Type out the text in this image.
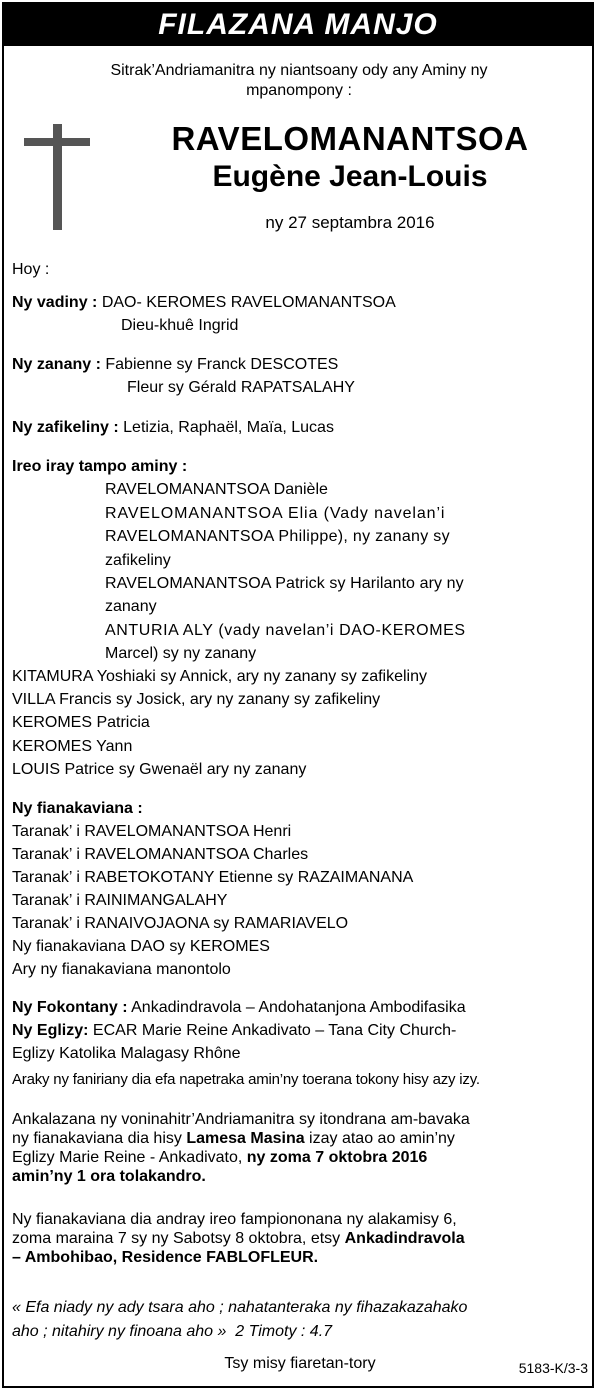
FILAZANA MANJO
Sitrak’Andriamanitra ny niantsoany ody any Aminy ny
mpanompony :
RAVELOMANANTSOA
Eugène Jean-Louis
ny 27 septambra 2016
Hoy :
Ny vadiny : DAO- KEROMES RAVELOMANANTSOA
Dieu-khuê Ingrid
Ny zanany : Fabienne sy Franck DESCOTES
Fleur sy Gérald RAPATSALAHY
Ny zafikeliny : Letizia, Raphaël, Maïa, Lucas
Ireo iray tampo aminy :
RAVELOMANANTSOA Danièle
RAVELOMANANTSOA Elia (Vady navelan’i
RAVELOMANANTSOA Philippe), ny zanany sy
zafikeliny
RAVELOMANANTSOA Patrick sy Harilanto ary ny
zanany
ANTURIA ALY (vady navelan’i DAO-KEROMES
Marcel) sy ny zanany
KITAMURA Yoshiaki sy Annick, ary ny zanany sy zafikeliny
VILLA Francis sy Josick, ary ny zanany sy zafikeliny
KEROMES Patricia
KEROMES Yann
LOUIS Patrice sy Gwenaël ary ny zanany
Ny fianakaviana :
Taranak’ i RAVELOMANANTSOA Henri
Taranak’ i RAVELOMANANTSOA Charles
Taranak’ i RABETOKOTANY Etienne sy RAZAIMANANA
Taranak’ i RAINIMANGALAHY
Taranak’ i RANAIVOJAONA sy RAMARIAVELO
Ny fianakaviana DAO sy KEROMES
Ary ny fianakaviana manontolo
Ny Fokontany : Ankadindravola – Andohatanjona Ambodifasika
Ny Eglizy: ECAR Marie Reine Ankadivato – Tana City Church-
Eglizy Katolika Malagasy Rhône
Araky ny faniriany dia efa napetraka amin’ny toerana tokony hisy azy izy.
Ankalazana ny voninahitr’Andriamanitra sy itondrana am-bavaka
ny fianakaviana dia hisy Lamesa Masina izay atao ao amin’ny
Eglizy Marie Reine - Ankadivato, ny zoma 7 oktobra 2016
amin’ny 1 ora tolakandro.
Ny fianakaviana dia andray ireo fampiononana ny alakamisy 6,
zoma maraina 7 sy ny Sabotsy 8 oktobra, etsy Ankadindravola
– Ambohibao, Residence FABLOFLEUR.
« Efa niady ny ady tsara aho ; nahatanteraka ny fihazakazahako
aho ; nitahiry ny finoana aho » 2 Timoty : 4.7
Tsy misy fiaretan-tory	5183-K/3-3
